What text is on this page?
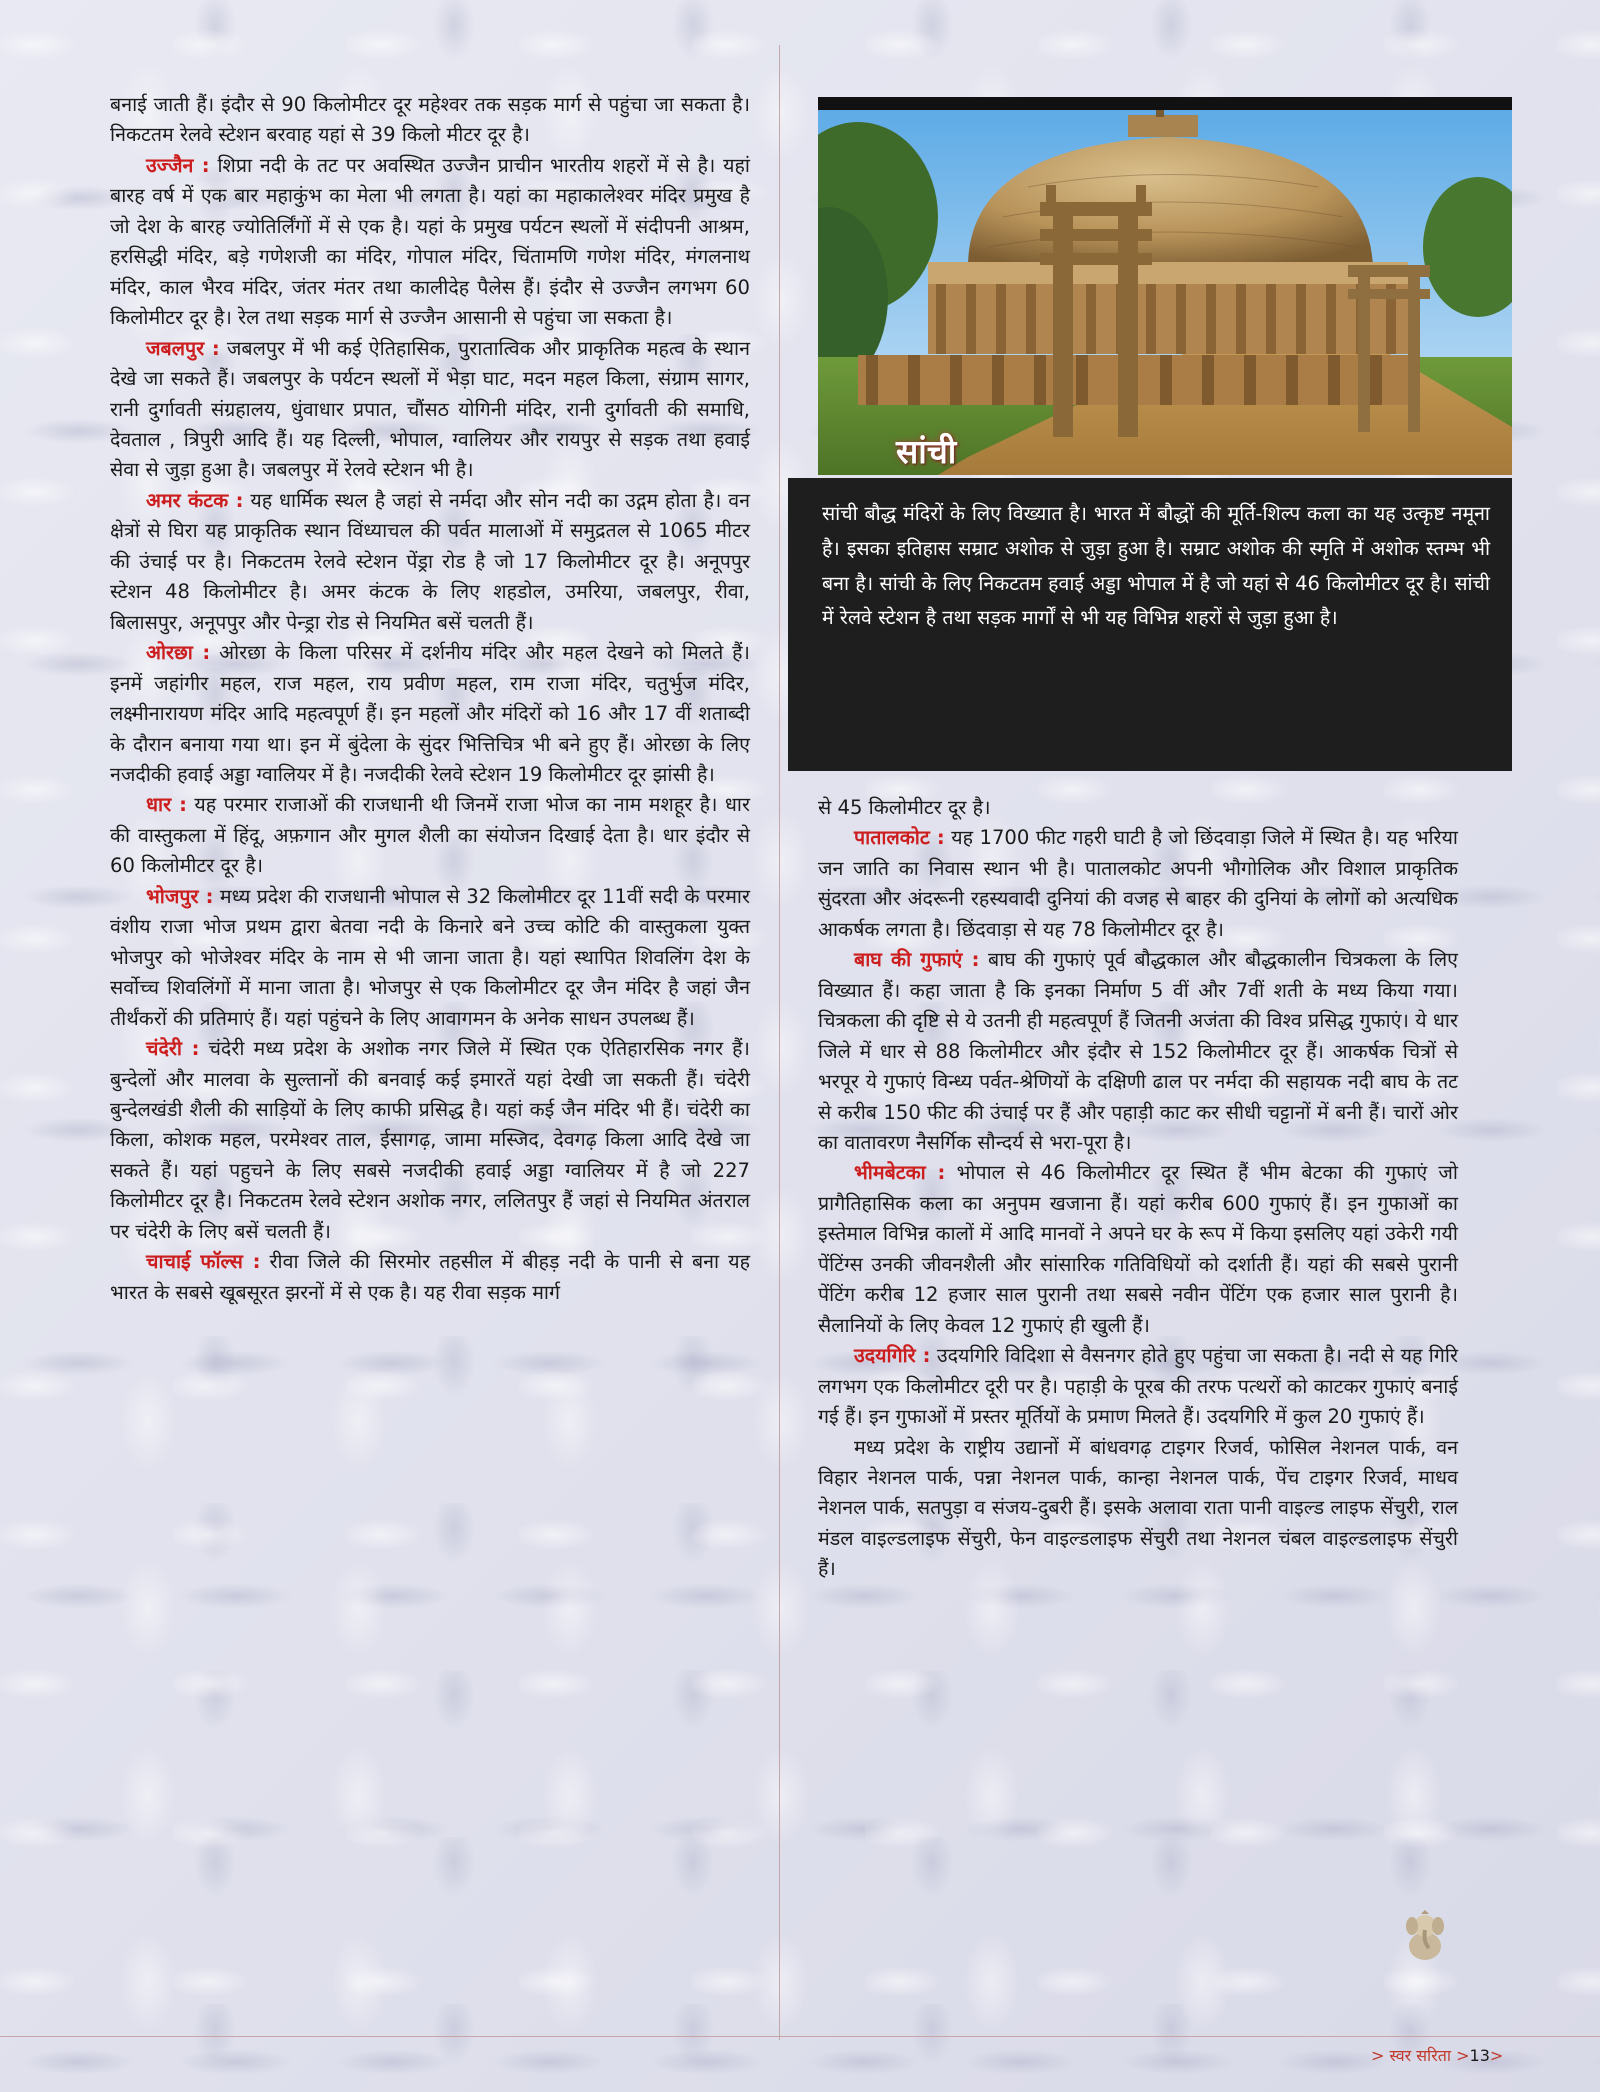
बनाई जाती हैं। इंदौर से 90 किलोमीटर दूर महेश्वर तक सड़क मार्ग से पहुंचा जा सकता है। निकटतम रेलवे स्टेशन बरवाह यहां से 39 किलो मीटर दूर है।

उज्जैन : शिप्रा नदी के तट पर अवस्थित उज्जैन प्राचीन भारतीय शहरों में से है। यहां बारह वर्ष में एक बार महाकुंभ का मेला भी लगता है। यहां का महाकालेश्वर मंदिर प्रमुख है जो देश के बारह ज्योतिर्लिंगों में से एक है। यहां के प्रमुख पर्यटन स्थलों में संदीपनी आश्रम, हरसिद्धी मंदिर, बड़े गणेशजी का मंदिर, गोपाल मंदिर, चिंतामणि गणेश मंदिर, मंगलनाथ मंदिर, काल भैरव मंदिर, जंतर मंतर तथा कालीदेह पैलेस हैं। इंदौर से उज्जैन लगभग 60 किलोमीटर दूर है। रेल तथा सड़क मार्ग से उज्जैन आसानी से पहुंचा जा सकता है।

जबलपुर : जबलपुर में भी कई ऐतिहासिक, पुरातात्विक और प्राकृतिक महत्व के स्थान देखे जा सकते हैं। जबलपुर के पर्यटन स्थलों में भेड़ा घाट, मदन महल किला, संग्राम सागर, रानी दुर्गावती संग्रहालय, धुंवाधार प्रपात, चौंसठ योगिनी मंदिर, रानी दुर्गावती की समाधि, देवताल , त्रिपुरी आदि हैं। यह दिल्ली, भोपाल, ग्वालियर और रायपुर से सड़क तथा हवाई सेवा से जुड़ा हुआ है। जबलपुर में रेलवे स्टेशन भी है।

अमर कंटक : यह धार्मिक स्थल है जहां से नर्मदा और सोन नदी का उद्गम होता है। वन क्षेत्रों से घिरा यह प्राकृतिक स्थान विंध्याचल की पर्वत मालाओं में समुद्रतल से 1065 मीटर की उंचाई पर है। निकटतम रेलवे स्टेशन पेंड्रा रोड है जो 17 किलोमीटर दूर है। अनूपपुर स्टेशन 48 किलोमीटर है। अमर कंटक के लिए शहडोल, उमरिया, जबलपुर, रीवा, बिलासपुर, अनूपपुर और पेन्ड्रा रोड से नियमित बसें चलती हैं।

ओरछा : ओरछा के किला परिसर में दर्शनीय मंदिर और महल देखने को मिलते हैं। इनमें जहांगीर महल, राज महल, राय प्रवीण महल, राम राजा मंदिर, चतुर्भुज मंदिर, लक्ष्मीनारायण मंदिर आदि महत्वपूर्ण हैं। इन महलों और मंदिरों को 16 और 17 वीं शताब्दी के दौरान बनाया गया था। इन में बुंदेला के सुंदर भित्तिचित्र भी बने हुए हैं। ओरछा के लिए नजदीकी हवाई अड्डा ग्वालियर में है। नजदीकी रेलवे स्टेशन 19 किलोमीटर दूर झांसी है।

धार : यह परमार राजाओं की राजधानी थी जिनमें राजा भोज का नाम मशहूर है। धार की वास्तुकला में हिंदू, अफ़गान और मुगल शैली का संयोजन दिखाई देता है। धार इंदौर से 60 किलोमीटर दूर है।

भोजपुर : मध्य प्रदेश की राजधानी भोपाल से 32 किलोमीटर दूर 11वीं सदी के परमार वंशीय राजा भोज प्रथम द्वारा बेतवा नदी के किनारे बने उच्च कोटि की वास्तुकला युक्त भोजपुर को भोजेश्वर मंदिर के नाम से भी जाना जाता है। यहां स्थापित शिवलिंग देश के सर्वोच्च शिवलिंगों में माना जाता है। भोजपुर से एक किलोमीटर दूर जैन मंदिर है जहां जैन तीर्थंकरों की प्रतिमाएं हैं। यहां पहुंचने के लिए आवागमन के अनेक साधन उपलब्ध हैं।

चंदेरी : चंदेरी मध्य प्रदेश के अशोक नगर जिले में स्थित एक ऐतिहारसिक नगर हैं। बुन्देलों और मालवा के सुल्तानों की बनवाई कई इमारतें यहां देखी जा सकती हैं। चंदेरी बुन्देलखंडी शैली की साड़ियों के लिए काफी प्रसिद्ध है। यहां कई जैन मंदिर भी हैं। चंदेरी का किला, कोशक महल, परमेश्वर ताल, ईसागढ़, जामा मस्जिद, देवगढ़ किला आदि देखे जा सकते हैं। यहां पहुचने के लिए सबसे नजदीकी हवाई अड्डा ग्वालियर में है जो 227 किलोमीटर दूर है। निकटतम रेलवे स्टेशन अशोक नगर, ललितपुर हैं जहां से नियमित अंतराल पर चंदेरी के लिए बसें चलती हैं।

चाचाई फॉल्स : रीवा जिले की सिरमोर तहसील में बीहड़ नदी के पानी से बना यह भारत के सबसे खूबसूरत झरनों में से एक है। यह रीवा सड़क मार्ग

सांची

सांची बौद्ध मंदिरों के लिए विख्यात है। भारत में बौद्धों की मूर्ति-शिल्प कला का यह उत्कृष्ट नमूना है। इसका इतिहास सम्राट अशोक से जुड़ा हुआ है। सम्राट अशोक की स्मृति में अशोक स्तम्भ भी बना है। सांची के लिए निकटतम हवाई अड्डा भोपाल में है जो यहां से 46 किलोमीटर दूर है। सांची में रेलवे स्टेशन है तथा सड़क मार्गों से भी यह विभिन्न शहरों से जुड़ा हुआ है।

से 45 किलोमीटर दूर है।

पातालकोट : यह 1700 फीट गहरी घाटी है जो छिंदवाड़ा जिले में स्थित है। यह भरिया जन जाति का निवास स्थान भी है। पातालकोट अपनी भौगोलिक और विशाल प्राकृतिक सुंदरता और अंदरूनी रहस्यवादी दुनियां की वजह से बाहर की दुनियां के लोगों को अत्यधिक आकर्षक लगता है। छिंदवाड़ा से यह 78 किलोमीटर दूर है।

बाघ की गुफाएं : बाघ की गुफाएं पूर्व बौद्धकाल और बौद्धकालीन चित्रकला के लिए विख्यात हैं। कहा जाता है कि इनका निर्माण 5 वीं और 7वीं शती के मध्य किया गया। चित्रकला की दृष्टि से ये उतनी ही महत्वपूर्ण हैं जितनी अजंता की विश्व प्रसिद्ध गुफाएं। ये धार जिले में धार से 88 किलोमीटर और इंदौर से 152 किलोमीटर दूर हैं। आकर्षक चित्रों से भरपूर ये गुफाएं विन्ध्य पर्वत-श्रेणियों के दक्षिणी ढाल पर नर्मदा की सहायक नदी बाघ के तट से करीब 150 फीट की उंचाई पर हैं और पहाड़ी काट कर सीधी चट्टानों में बनी हैं। चारों ओर का वातावरण नैसर्गिक सौन्दर्य से भरा-पूरा है।

भीमबेटका : भोपाल से 46 किलोमीटर दूर स्थित हैं भीम बेटका की गुफाएं जो प्रागैतिहासिक कला का अनुपम खजाना हैं। यहां करीब 600 गुफाएं हैं। इन गुफाओं का इस्तेमाल विभिन्न कालों में आदि मानवों ने अपने घर के रूप में किया इसलिए यहां उकेरी गयी पेंटिंग्स उनकी जीवनशैली और सांसारिक गतिविधियों को दर्शाती हैं। यहां की सबसे पुरानी पेंटिंग करीब 12 हजार साल पुरानी तथा सबसे नवीन पेंटिंग एक हजार साल पुरानी है। सैलानियों के लिए केवल 12 गुफाएं ही खुली हैं।

उदयगिरि : उदयगिरि विदिशा से वैसनगर होते हुए पहुंचा जा सकता है। नदी से यह गिरि लगभग एक किलोमीटर दूरी पर है। पहाड़ी के पूरब की तरफ पत्थरों को काटकर गुफाएं बनाई गई हैं। इन गुफाओं में प्रस्तर मूर्तियों के प्रमाण मिलते हैं। उदयगिरि में कुल 20 गुफाएं हैं।

मध्य प्रदेश के राष्ट्रीय उद्यानों में बांधवगढ़ टाइगर रिजर्व, फोसिल नेशनल पार्क, वन विहार नेशनल पार्क, पन्ना नेशनल पार्क, कान्हा नेशनल पार्क, पेंच टाइगर रिजर्व, माधव नेशनल पार्क, सतपुड़ा व संजय-दुबरी हैं। इसके अलावा राता पानी वाइल्ड लाइफ सेंचुरी, राल मंडल वाइल्डलाइफ सेंचुरी, फेन वाइल्डलाइफ सेंचुरी तथा नेशनल चंबल वाइल्डलाइफ सेंचुरी हैं।

> स्वर सरिता >13>
